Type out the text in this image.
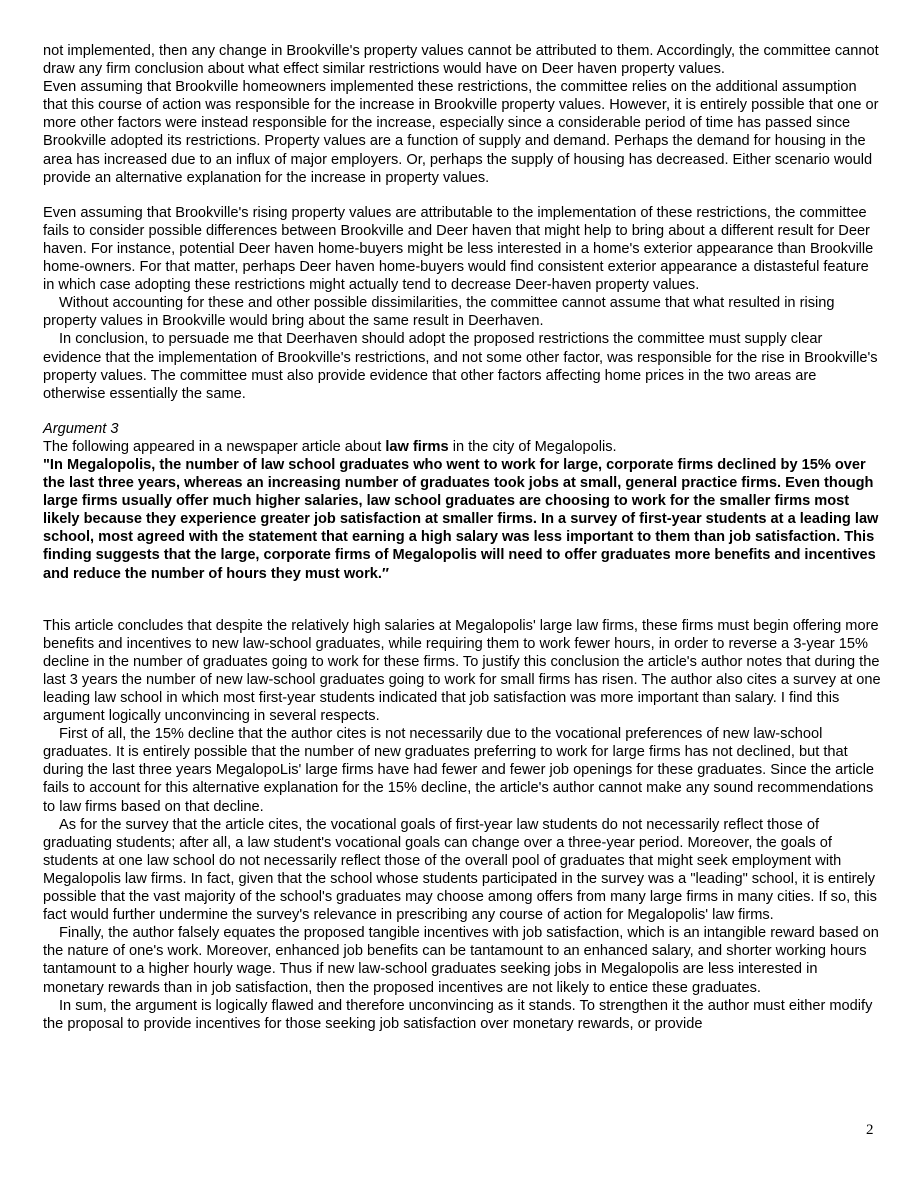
not implemented, then any change in Brookville's property values cannot be attributed to them. Accordingly, the committee cannot draw any firm conclusion about what effect similar restrictions would have on Deer haven property values.

Even assuming that Brookville homeowners implemented these restrictions, the committee relies on the additional assumption that this course of action was responsible for the increase in Brookville property values. However, it is entirely possible that one or more other factors were instead responsible for the increase, especially since a considerable period of time has passed since Brookville adopted its restrictions. Property values are a function of supply and demand. Perhaps the demand for housing in the area has increased due to an influx of major employers. Or, perhaps the supply of housing has decreased. Either scenario would provide an alternative explanation for the increase in property values.

Even assuming that Brookville's rising property values are attributable to the implementation of these restrictions, the committee fails to consider possible differences between Brookville and Deer haven that might help to bring about a different result for Deer haven. For instance, potential Deer haven home-buyers might be less interested in a home's exterior appearance than Brookville home-owners. For that matter, perhaps Deer haven home-buyers would find consistent exterior appearance a distasteful feature in which case adopting these restrictions might actually tend to decrease Deer-haven property values.

Without accounting for these and other possible dissimilarities, the committee cannot assume that what resulted in rising property values in Brookville would bring about the same result in Deerhaven.

In conclusion, to persuade me that Deerhaven should adopt the proposed restrictions the committee must supply clear evidence that the implementation of Brookville's restrictions, and not some other factor, was responsible for the rise in Brookville's property values. The committee must also provide evidence that other factors affecting home prices in the two areas are otherwise essentially the same.

Argument 3

The following appeared in a newspaper article about law firms in the city of Megalopolis.

"In Megalopolis, the number of law school graduates who went to work for large, corporate firms declined by 15% over the last three years, whereas an increasing number of graduates took jobs at small, general practice firms. Even though large firms usually offer much higher salaries, law school graduates are choosing to work for the smaller firms most likely because they experience greater job satisfaction at smaller firms. In a survey of first-year students at a leading law school, most agreed with the statement that earning a high salary was less important to them than job satisfaction. This finding suggests that the large, corporate firms of Megalopolis will need to offer graduates more benefits and incentives and reduce the number of hours they must work.″

This article concludes that despite the relatively high salaries at Megalopolis' large law firms, these firms must begin offering more benefits and incentives to new law-school graduates, while requiring them to work fewer hours, in order to reverse a 3-year 15% decline in the number of graduates going to work for these firms. To justify this conclusion the article's author notes that during the last 3 years the number of new law-school graduates going to work for small firms has risen. The author also cites a survey at one leading law school in which most first-year students indicated that job satisfaction was more important than salary. I find this argument logically unconvincing in several respects.

First of all, the 15% decline that the author cites is not necessarily due to the vocational preferences of new law-school graduates. It is entirely possible that the number of new graduates preferring to work for large firms has not declined, but that during the last three years MegalopoLis' large firms have had fewer and fewer job openings for these graduates. Since the article fails to account for this alternative explanation for the 15% decline, the article's author cannot make any sound recommendations to law firms based on that decline.

As for the survey that the article cites, the vocational goals of first-year law students do not necessarily reflect those of graduating students; after all, a law student's vocational goals can change over a three-year period. Moreover, the goals of students at one law school do not necessarily reflect those of the overall pool of graduates that might seek employment with Megalopolis law firms. In fact, given that the school whose students participated in the survey was a "leading" school, it is entirely possible that the vast majority of the school's graduates may choose among offers from many large firms in many cities. If so, this fact would further undermine the survey's relevance in prescribing any course of action for Megalopolis' law firms.

Finally, the author falsely equates the proposed tangible incentives with job satisfaction, which is an intangible reward based on the nature of one's work. Moreover, enhanced job benefits can be tantamount to an enhanced salary, and shorter working hours tantamount to a higher hourly wage. Thus if new law-school graduates seeking jobs in Megalopolis are less interested in monetary rewards than in job satisfaction, then the proposed incentives are not likely to entice these graduates.

In sum, the argument is logically flawed and therefore unconvincing as it stands. To strengthen it the author must either modify the proposal to provide incentives for those seeking job satisfaction over monetary rewards, or provide

2
